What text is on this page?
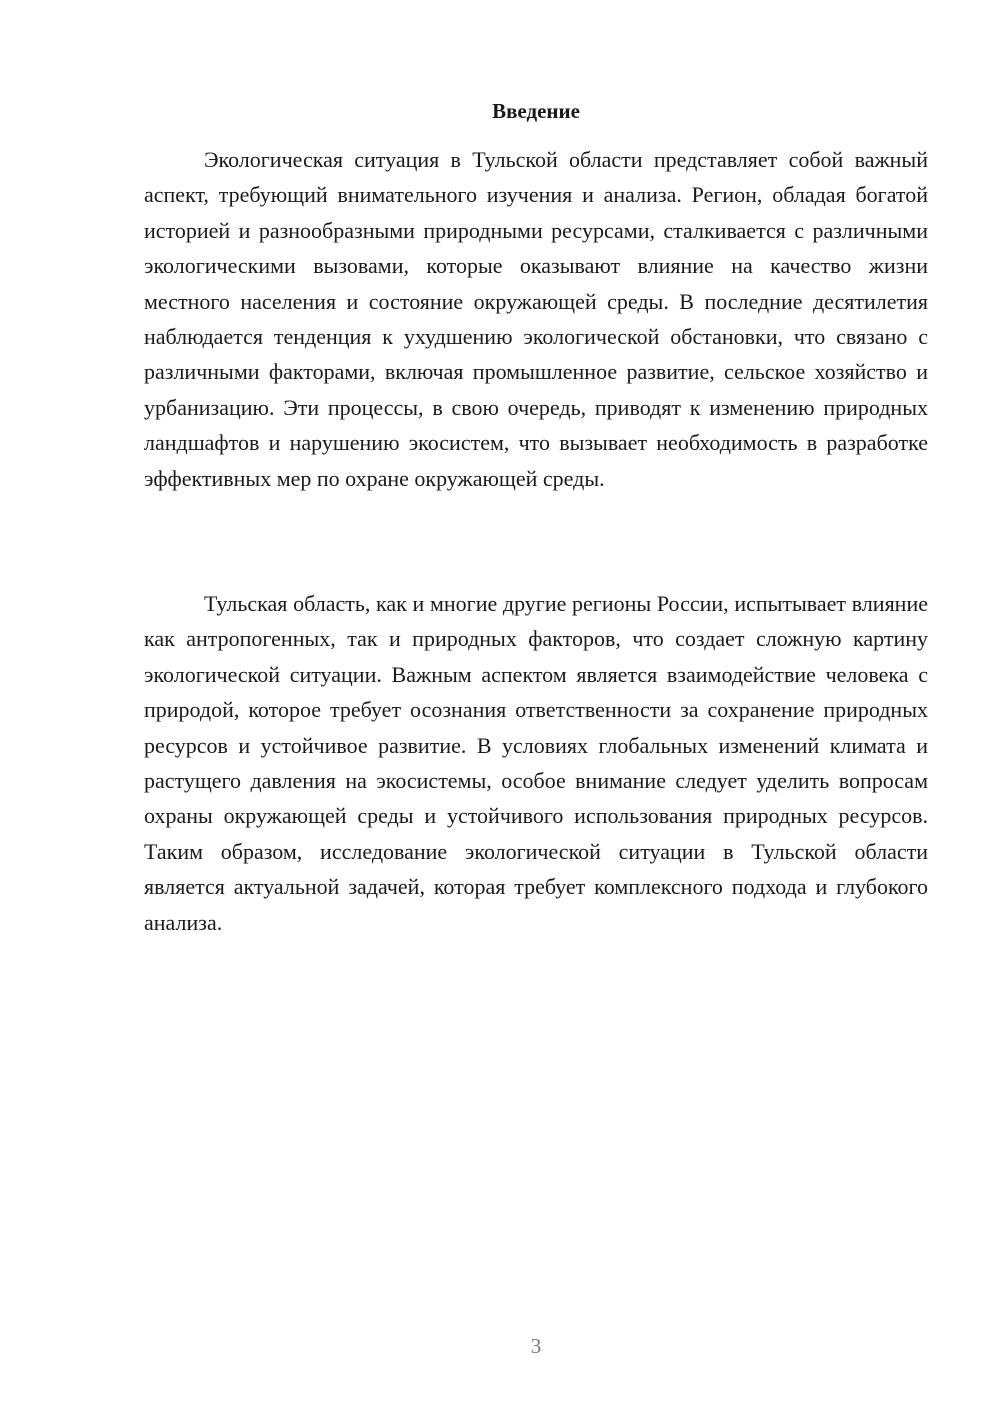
Введение

Экологическая ситуация в Тульской области представляет собой важный аспект, требующий внимательного изучения и анализа. Регион, обладая богатой историей и разнообразными природными ресурсами, сталкивается с различными экологическими вызовами, которые оказывают влияние на качество жизни местного населения и состояние окружающей среды. В последние десятилетия наблюдается тенденция к ухудшению экологической обстановки, что связано с различными факторами, включая промышленное развитие, сельское хозяйство и урбанизацию. Эти процессы, в свою очередь, приводят к изменению природных ландшафтов и нарушению экосистем, что вызывает необходимость в разработке эффективных мер по охране окружающей среды.

Тульская область, как и многие другие регионы России, испытывает влияние как антропогенных, так и природных факторов, что создает сложную картину экологической ситуации. Важным аспектом является взаимодействие человека с природой, которое требует осознания ответственности за сохранение природных ресурсов и устойчивое развитие. В условиях глобальных изменений климата и растущего давления на экосистемы, особое внимание следует уделить вопросам охраны окружающей среды и устойчивого использования природных ресурсов. Таким образом, исследование экологической ситуации в Тульской области является актуальной задачей, которая требует комплексного подхода и глубокого анализа.

3
